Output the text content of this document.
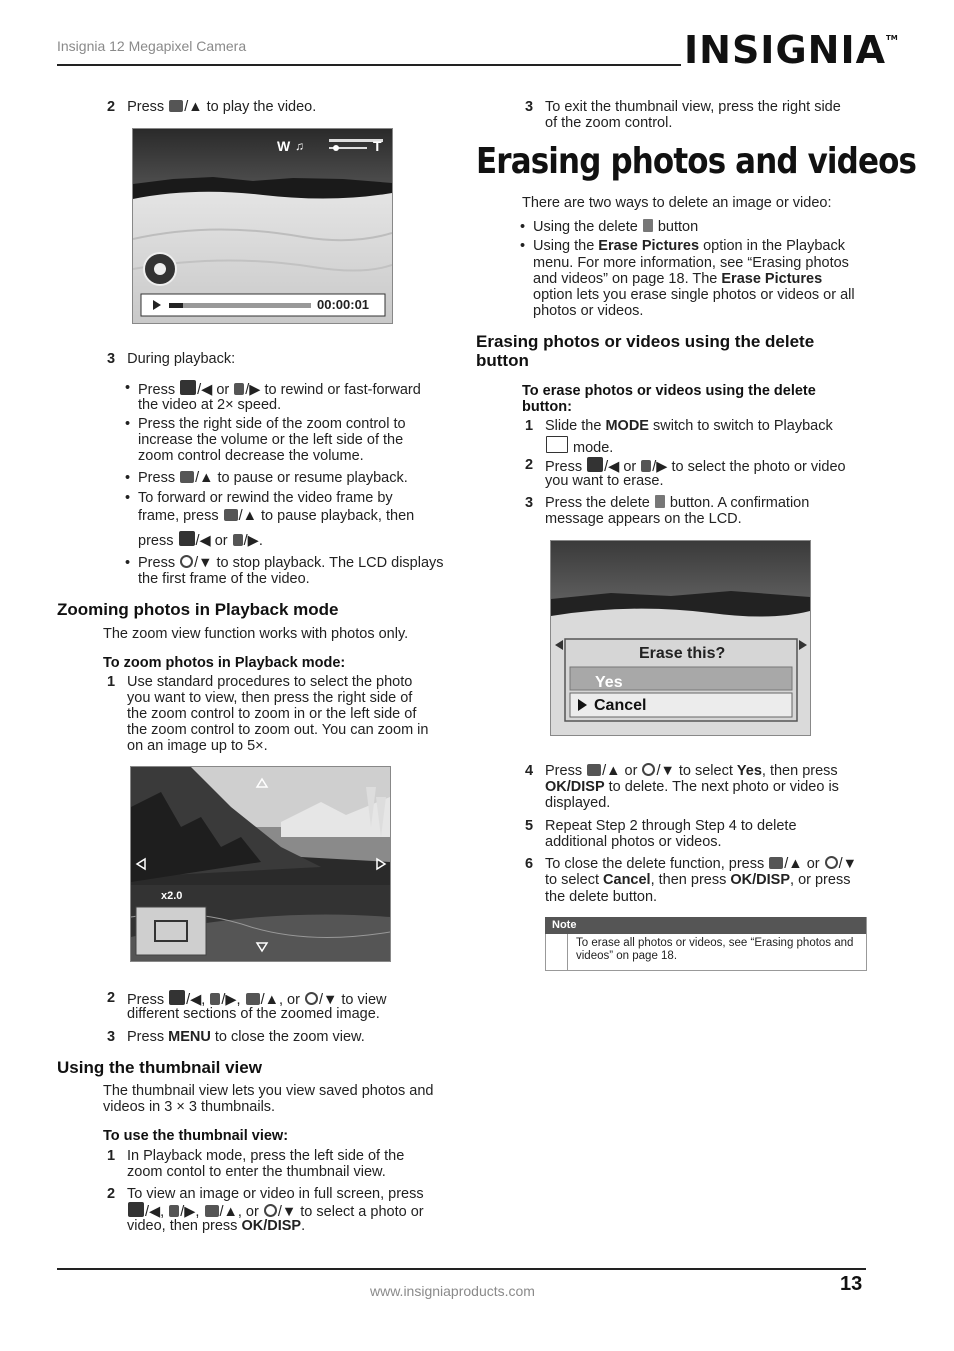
Insignia 12 Megapixel Camera	INSIGNIA™
2 Press /▲ to play the video.
W ♫	T
00:00:01
3 During playback:
• Press /◀ or /▶ to rewind or fast-forward
the video at 2× speed.
• Press the right side of the zoom control to
increase the volume or the left side of the
zoom control decrease the volume.
• Press /▲ to pause or resume playback.
• To forward or rewind the video frame by
frame, press /▲ to pause playback, then
press /◀ or /▶.
• Press /▼ to stop playback. The LCD displays
the first frame of the video.
Zooming photos in Playback mode
The zoom view function works with photos only.
To zoom photos in Playback mode:
1 Use standard procedures to select the photo
you want to view, then press the right side of
the zoom control to zoom in or the left side of
the zoom control to zoom out. You can zoom in
on an image up to 5×.
x2.0
2 Press /◀, /▶, /▲, or /▼ to view
different sections of the zoomed image.
3 Press MENU to close the zoom view.
Using the thumbnail view
The thumbnail view lets you view saved photos and
videos in 3 × 3 thumbnails.
To use the thumbnail view:
1 In Playback mode, press the left side of the
zoom contol to enter the thumbnail view.
2 To view an image or video in full screen, press
/◀, /▶, /▲, or /▼ to select a photo or
video, then press OK/DISP.
3 To exit the thumbnail view, press the right side
of the zoom control.
Erasing photos and videos
There are two ways to delete an image or video:
• Using the delete button
• Using the Erase Pictures option in the Playback
menu. For more information, see “Erasing photos
and videos” on page 18. The Erase Pictures
option lets you erase single photos or videos or all
photos or videos.
Erasing photos or videos using the delete
button
To erase photos or videos using the delete
button:
1 Slide the MODE switch to switch to Playback
mode.
2 Press /◀ or /▶ to select the photo or video
you want to erase.
3 Press the delete button. A confirmation
message appears on the LCD.
Erase this?
Yes
Cancel
4 Press /▲ or /▼ to select Yes, then press
OK/DISP to delete. The next photo or video is
displayed.
5 Repeat Step 2 through Step 4 to delete
additional photos or videos.
6 To close the delete function, press /▲ or /▼
to select Cancel, then press OK/DISP, or press
the delete button.
Note
To erase all photos or videos, see “Erasing photos and
videos” on page 18.
www.insigniaproducts.com	13
